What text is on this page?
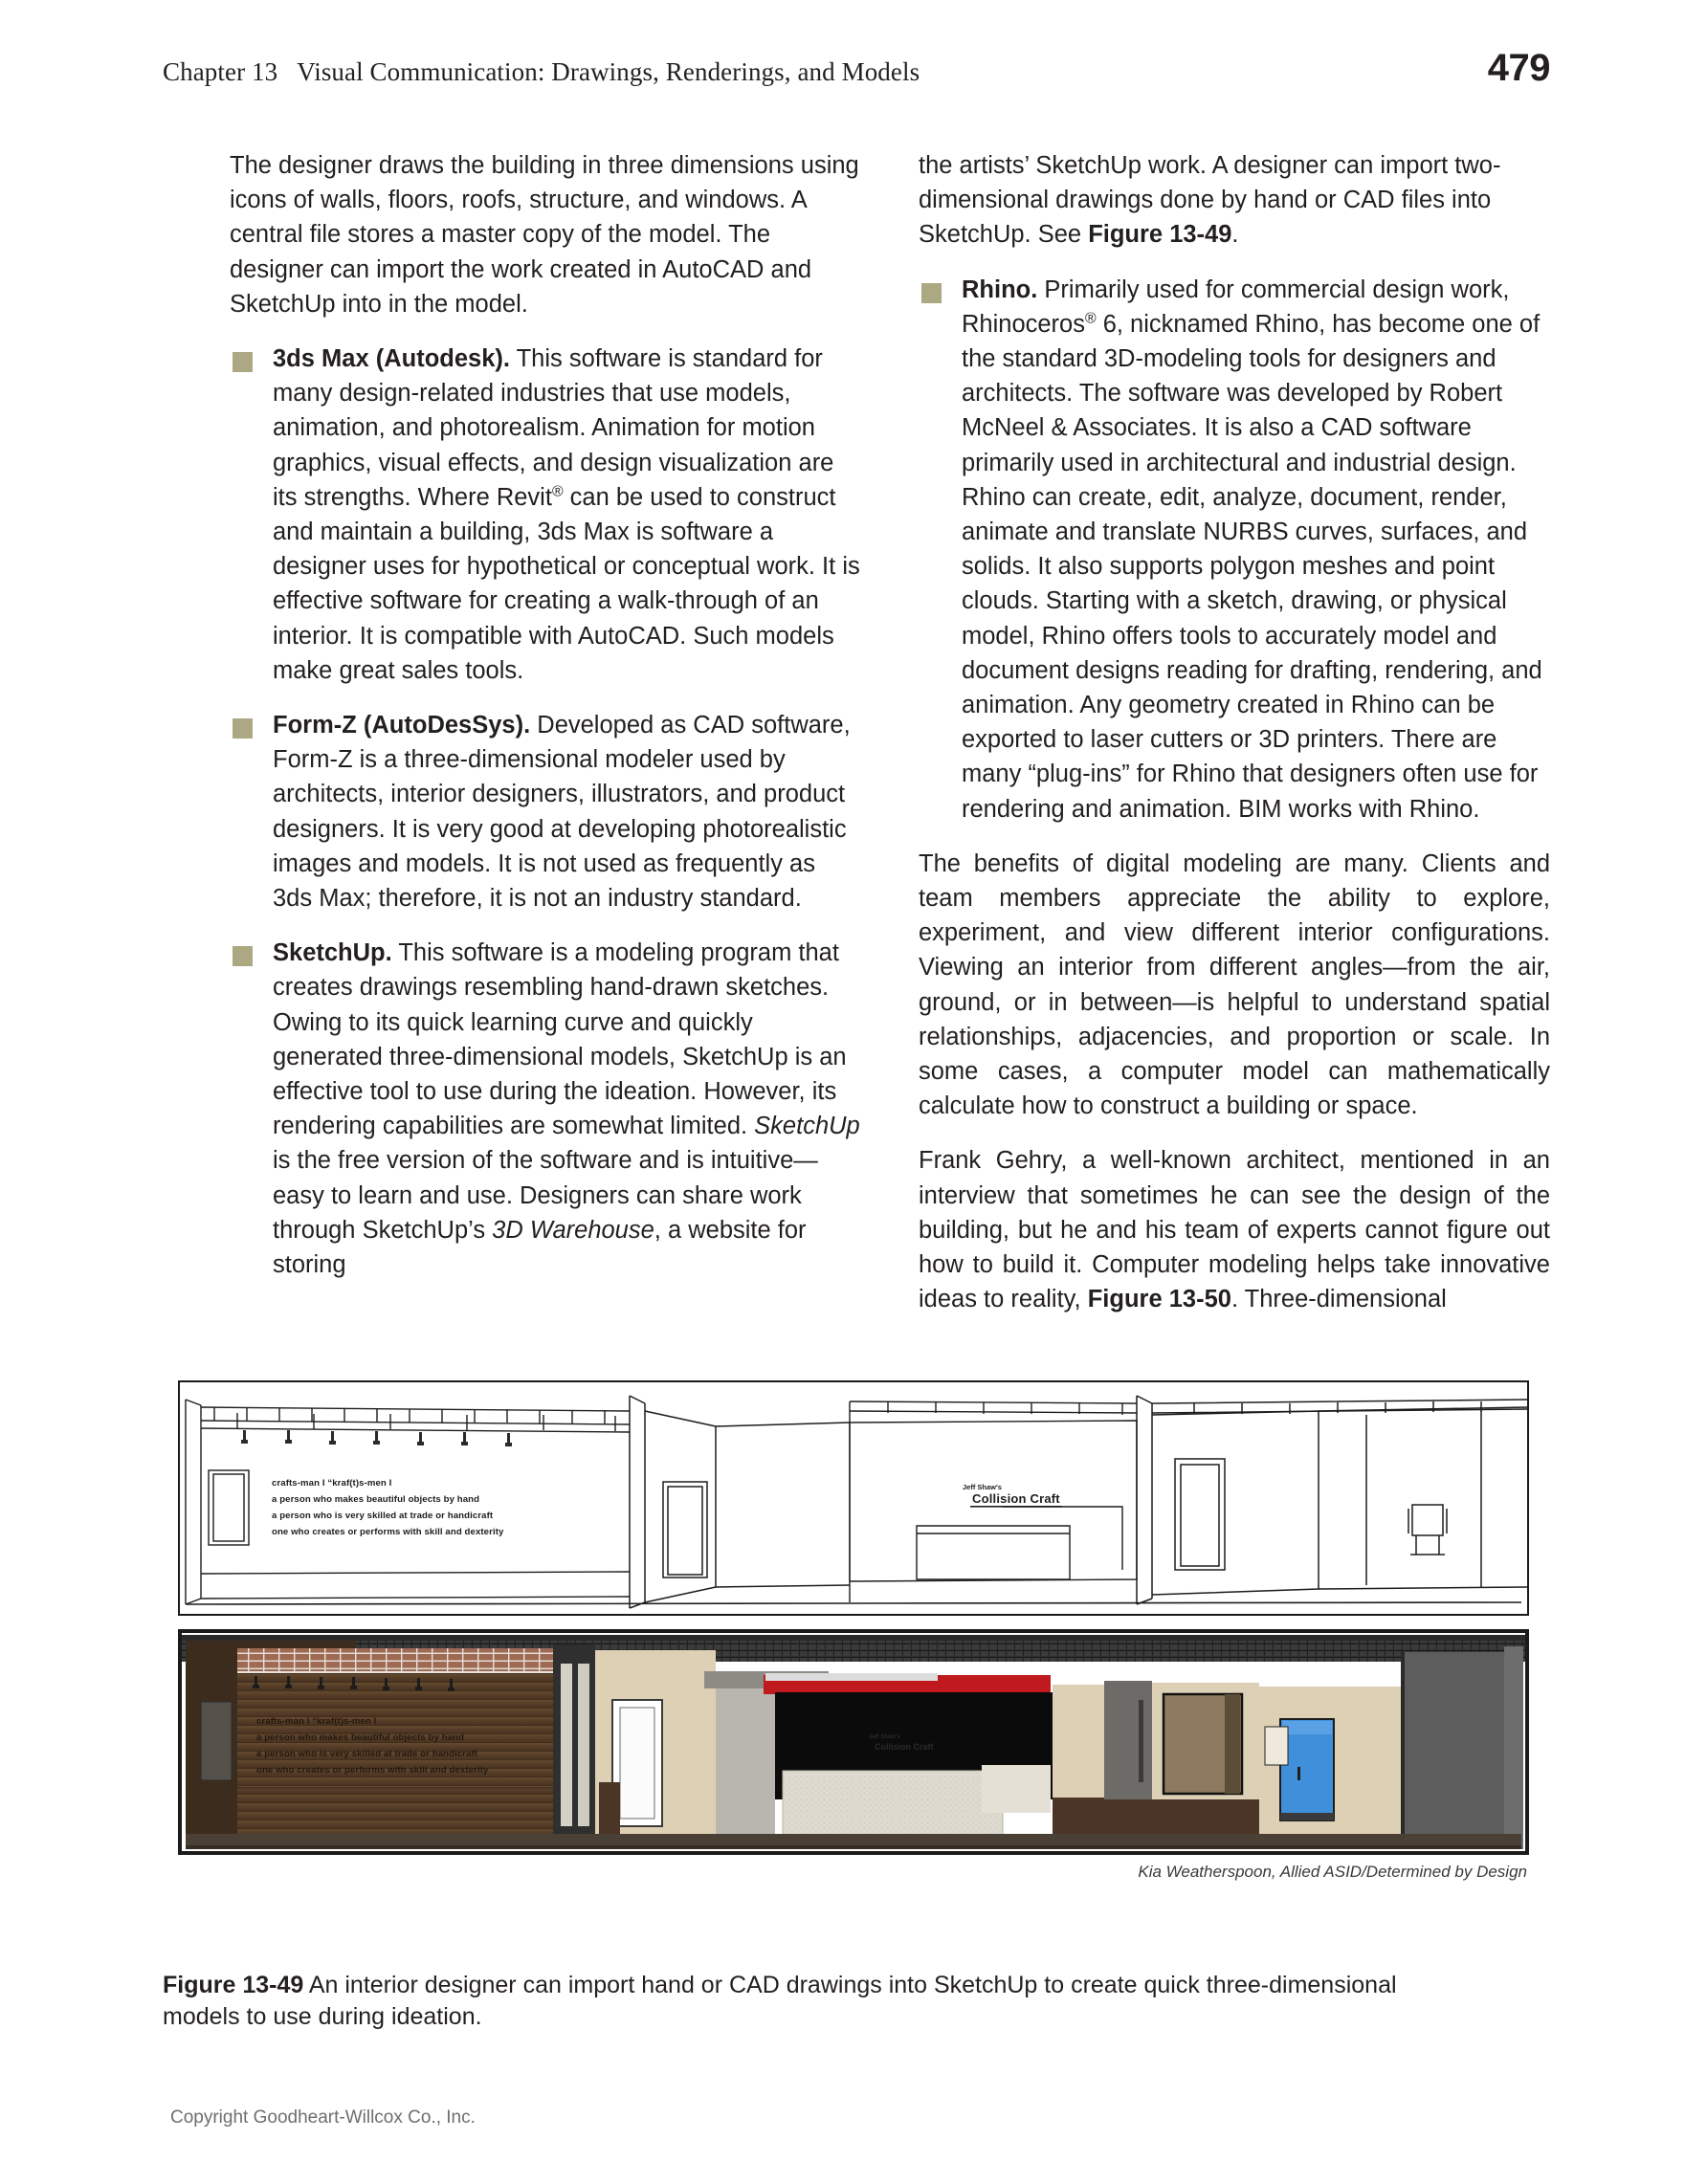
Chapter 13 Visual Communication: Drawings, Renderings, and Models	479

The designer draws the building in three dimensions using icons of walls, floors, roofs, structure, and windows. A central file stores a master copy of the model. The designer can import the work created in AutoCAD and SketchUp into in the model.

3ds Max (Autodesk). This software is standard for many design-related industries that use models, animation, and photorealism. Animation for motion graphics, visual effects, and design visualization are its strengths. Where Revit® can be used to construct and maintain a building, 3ds Max is software a designer uses for hypothetical or conceptual work. It is effective software for creating a walk-through of an interior. It is compatible with AutoCAD. Such models make great sales tools.

Form-Z (AutoDesSys). Developed as CAD software, Form-Z is a three-dimensional modeler used by architects, interior designers, illustrators, and product designers. It is very good at developing photorealistic images and models. It is not used as frequently as 3ds Max; therefore, it is not an industry standard.

SketchUp. This software is a modeling program that creates drawings resembling hand-drawn sketches. Owing to its quick learning curve and quickly generated three-dimensional models, SketchUp is an effective tool to use during the ideation. However, its rendering capabilities are somewhat limited. SketchUp is the free version of the software and is intuitive—easy to learn and use. Designers can share work through SketchUp’s 3D Warehouse, a website for storing

the artists’ SketchUp work. A designer can import two-dimensional drawings done by hand or CAD files into SketchUp. See Figure 13-49.

Rhino. Primarily used for commercial design work, Rhinoceros® 6, nicknamed Rhino, has become one of the standard 3D-modeling tools for designers and architects. The software was developed by Robert McNeel & Associates. It is also a CAD software primarily used in architectural and industrial design. Rhino can create, edit, analyze, document, render, animate and translate NURBS curves, surfaces, and solids. It also supports polygon meshes and point clouds. Starting with a sketch, drawing, or physical model, Rhino offers tools to accurately model and document designs reading for drafting, rendering, and animation. Any geometry created in Rhino can be exported to laser cutters or 3D printers. There are many “plug-ins” for Rhino that designers often use for rendering and animation. BIM works with Rhino.

The benefits of digital modeling are many. Clients and team members appreciate the ability to explore, experiment, and view different interior configurations. Viewing an interior from different angles—from the air, ground, or in between—is helpful to understand spatial relationships, adjacencies, and proportion or scale. In some cases, a computer model can mathematically calculate how to construct a building or space.

Frank Gehry, a well-known architect, mentioned in an interview that sometimes he can see the design of the building, but he and his team of experts cannot figure out how to build it. Computer modeling helps take innovative ideas to reality, Figure 13-50. Three-dimensional

crafts-man I “kraf(t)s-men I
a person who makes beautiful objects by hand
a person who is very skilled at trade or handicraft
one who creates or performs with skill and dexterity
Jeff Shaw's
Collision Craft
crafts-man I “kraf(t)s-men I
a person who makes beautiful objects by hand
a person who is very skilled at trade or handicraft
one who creates or performs with skill and dexterity
Jeff Shaw's
Collision Craft
Kia Weatherspoon, Allied ASID/Determined by Design
Figure 13-49 An interior designer can import hand or CAD drawings into SketchUp to create quick three-dimensional models to use during ideation.
Copyright Goodheart-Willcox Co., Inc.
